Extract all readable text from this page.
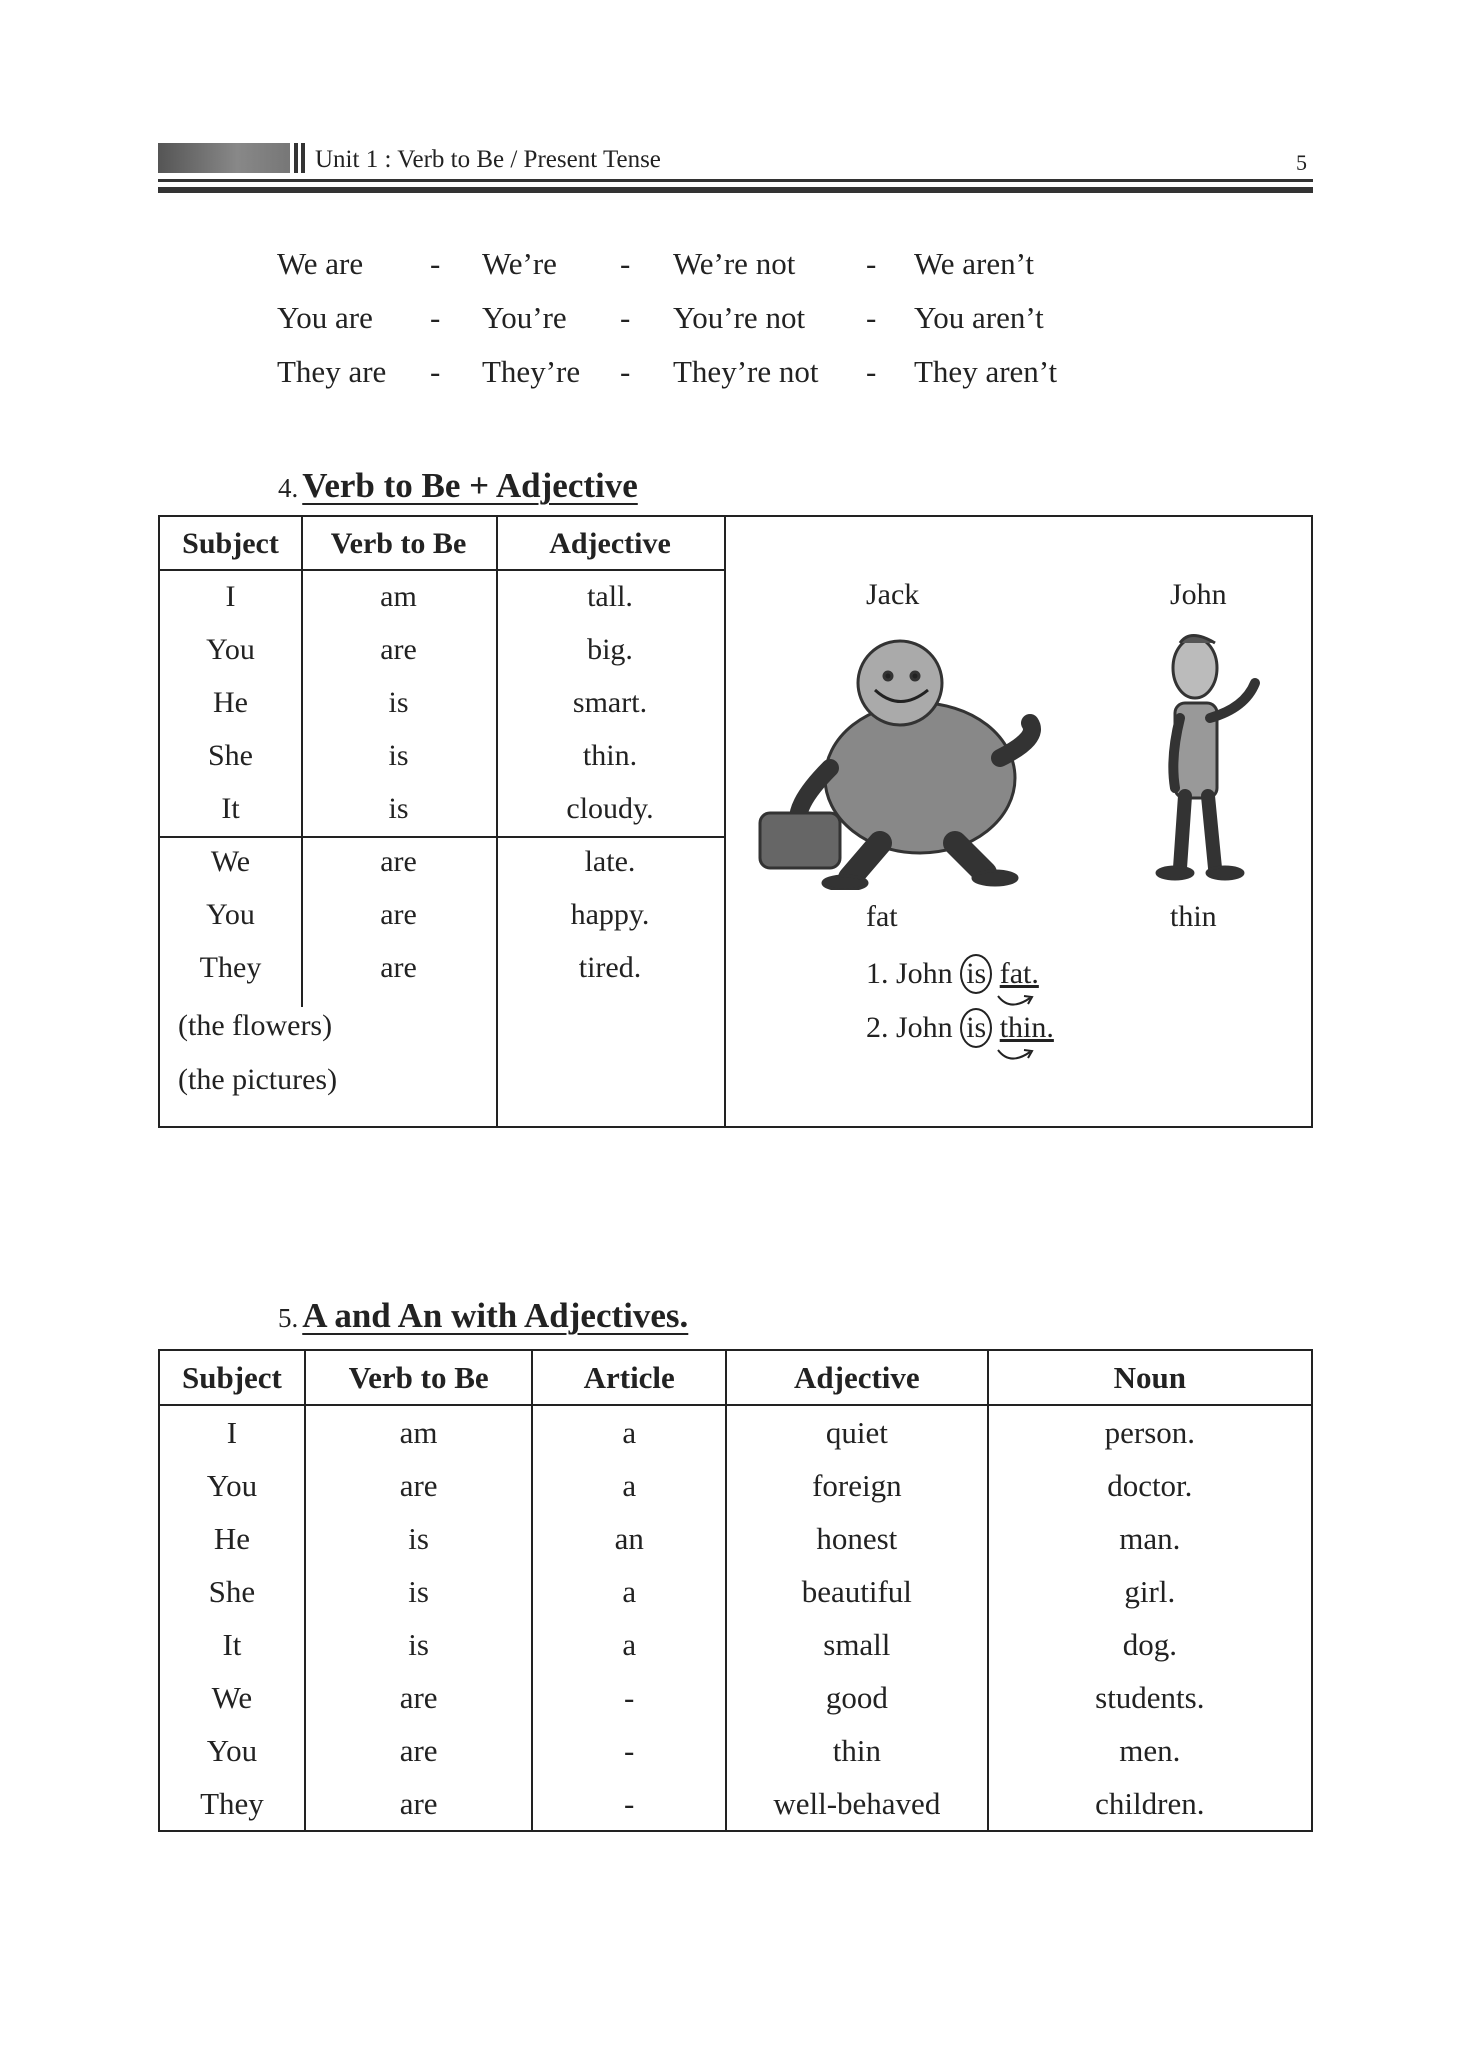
Unit 1 : Verb to Be / Present Tense	5
We are - We’re - We’re not - We aren’t
You are - You’re - You’re not - You aren’t
They are - They’re - They’re not - They aren’t
4. Verb to Be + Adjective
Subject	Verb to Be	Adjective
I	am	tall.
You	are	big.
He	is	smart.
She	is	thin.
It	is	cloudy.
We	are	late.
You	are	happy.
They	are	tired.
(the flowers)
(the pictures)
Jack	John
fat	thin
1. John is fat.
2. John is thin.
5. A and An with Adjectives.
Subject	Verb to Be	Article	Adjective	Noun
I	am	a	quiet	person.
You	are	a	foreign	doctor.
He	is	an	honest	man.
She	is	a	beautiful	girl.
It	is	a	small	dog.
We	are	-	good	students.
You	are	-	thin	men.
They	are	-	well-behaved	children.
